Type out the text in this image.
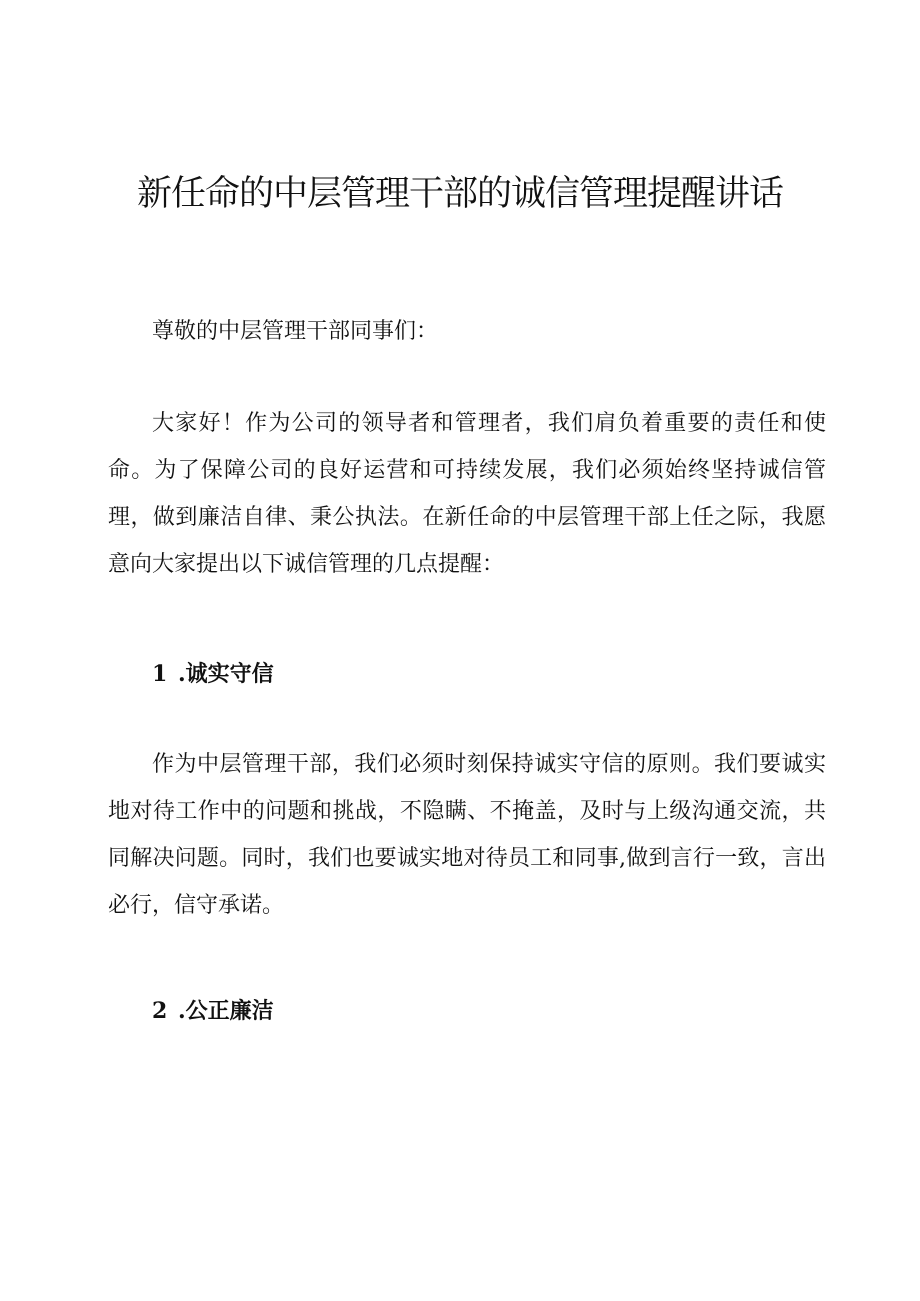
新任命的中层管理干部的诚信管理提醒讲话

尊敬的中层管理干部同事们：

大家好！作为公司的领导者和管理者，我们肩负着重要的责任和使命。为了保障公司的良好运营和可持续发展，我们必须始终坚持诚信管理，做到廉洁自律、秉公执法。在新任命的中层管理干部上任之际，我愿意向大家提出以下诚信管理的几点提醒：

1 .诚实守信

作为中层管理干部，我们必须时刻保持诚实守信的原则。我们要诚实地对待工作中的问题和挑战，不隐瞒、不掩盖，及时与上级沟通交流，共同解决问题。同时，我们也要诚实地对待员工和同事,做到言行一致，言出必行，信守承诺。

2 .公正廉洁
